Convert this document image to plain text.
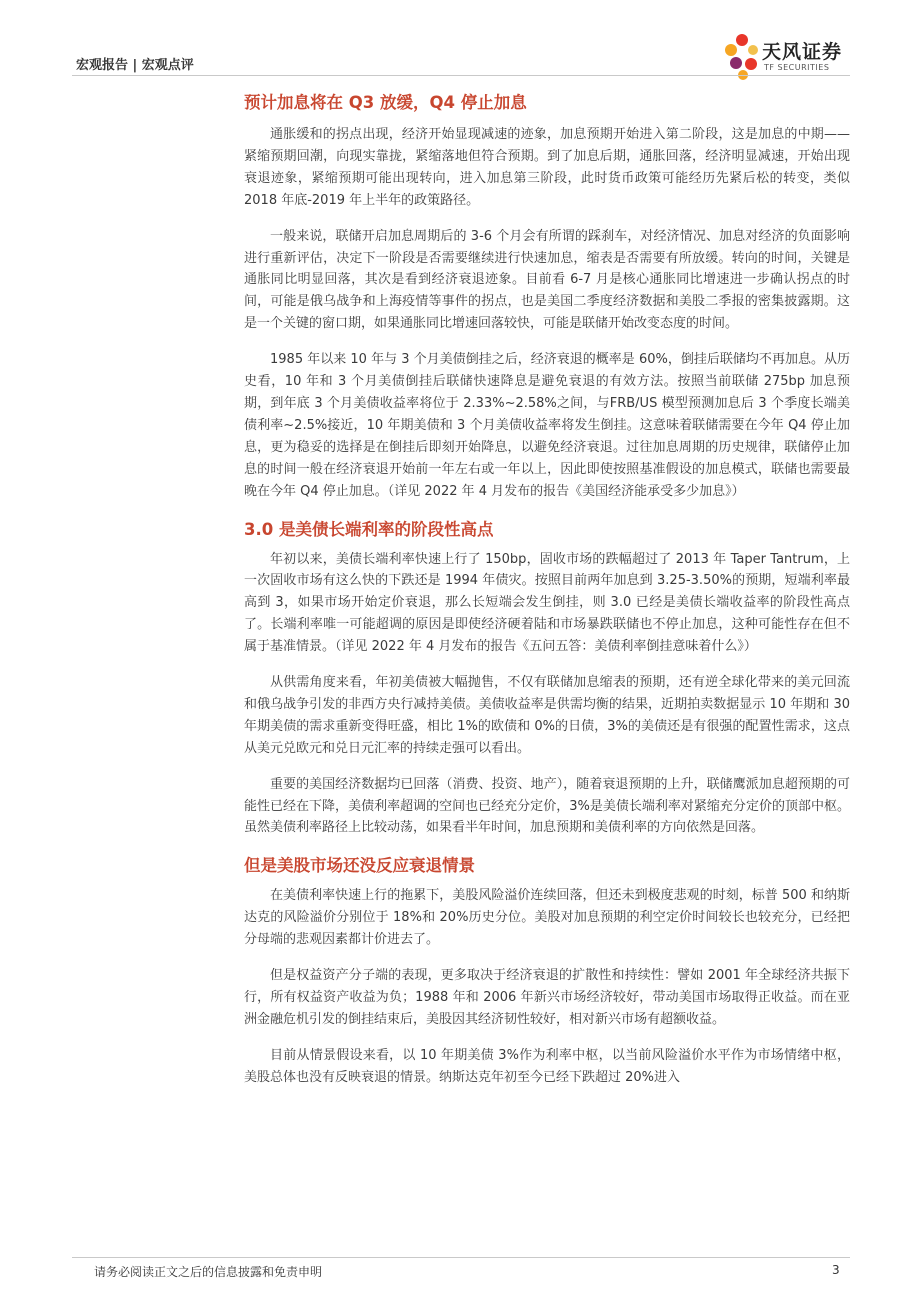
宏观报告 | 宏观点评
天风证券
TF SECURITIES
预计加息将在 Q3 放缓，Q4 停止加息

通胀缓和的拐点出现，经济开始显现减速的迹象，加息预期开始进入第二阶段，这是加息的中期——紧缩预期回潮，向现实靠拢，紧缩落地但符合预期。到了加息后期，通胀回落，经济明显减速，开始出现衰退迹象，紧缩预期可能出现转向，进入加息第三阶段，此时货币政策可能经历先紧后松的转变，类似 2018 年底-2019 年上半年的政策路径。

一般来说，联储开启加息周期后的 3-6 个月会有所谓的踩刹车，对经济情况、加息对经济的负面影响进行重新评估，决定下一阶段是否需要继续进行快速加息，缩表是否需要有所放缓。转向的时间，关键是通胀同比明显回落，其次是看到经济衰退迹象。目前看 6-7 月是核心通胀同比增速进一步确认拐点的时间，可能是俄乌战争和上海疫情等事件的拐点，也是美国二季度经济数据和美股二季报的密集披露期。这是一个关键的窗口期，如果通胀同比增速回落较快，可能是联储开始改变态度的时间。

1985 年以来 10 年与 3 个月美债倒挂之后，经济衰退的概率是 60%，倒挂后联储均不再加息。从历史看，10 年和 3 个月美债倒挂后联储快速降息是避免衰退的有效方法。按照当前联储 275bp 加息预期，到年底 3 个月美债收益率将位于 2.33%~2.58%之间，与FRB/US 模型预测加息后 3 个季度长端美债利率~2.5%接近，10 年期美债和 3 个月美债收益率将发生倒挂。这意味着联储需要在今年 Q4 停止加息，更为稳妥的选择是在倒挂后即刻开始降息，以避免经济衰退。过往加息周期的历史规律，联储停止加息的时间一般在经济衰退开始前一年左右或一年以上，因此即使按照基准假设的加息模式，联储也需要最晚在今年 Q4 停止加息。（详见 2022 年 4 月发布的报告《美国经济能承受多少加息》）

3.0 是美债长端利率的阶段性高点

年初以来，美债长端利率快速上行了 150bp，固收市场的跌幅超过了 2013 年 Taper Tantrum，上一次固收市场有这么快的下跌还是 1994 年债灾。按照目前两年加息到 3.25-3.50%的预期，短端利率最高到 3，如果市场开始定价衰退，那么长短端会发生倒挂，则 3.0 已经是美债长端收益率的阶段性高点了。长端利率唯一可能超调的原因是即使经济硬着陆和市场暴跌联储也不停止加息，这种可能性存在但不属于基准情景。（详见 2022 年 4 月发布的报告《五问五答：美债利率倒挂意味着什么》）

从供需角度来看，年初美债被大幅抛售，不仅有联储加息缩表的预期，还有逆全球化带来的美元回流和俄乌战争引发的非西方央行减持美债。美债收益率是供需均衡的结果，近期拍卖数据显示 10 年期和 30 年期美债的需求重新变得旺盛，相比 1%的欧债和 0%的日债，3%的美债还是有很强的配置性需求，这点从美元兑欧元和兑日元汇率的持续走强可以看出。

重要的美国经济数据均已回落（消费、投资、地产），随着衰退预期的上升，联储鹰派加息超预期的可能性已经在下降，美债利率超调的空间也已经充分定价，3%是美债长端利率对紧缩充分定价的顶部中枢。虽然美债利率路径上比较动荡，如果看半年时间，加息预期和美债利率的方向依然是回落。

但是美股市场还没反应衰退情景

在美债利率快速上行的拖累下，美股风险溢价连续回落，但还未到极度悲观的时刻，标普 500 和纳斯达克的风险溢价分别位于 18%和 20%历史分位。美股对加息预期的利空定价时间较长也较充分，已经把分母端的悲观因素都计价进去了。

但是权益资产分子端的表现，更多取决于经济衰退的扩散性和持续性：譬如 2001 年全球经济共振下行，所有权益资产收益为负；1988 年和 2006 年新兴市场经济较好，带动美国市场取得正收益。而在亚洲金融危机引发的倒挂结束后，美股因其经济韧性较好，相对新兴市场有超额收益。

目前从情景假设来看，以 10 年期美债 3%作为利率中枢，以当前风险溢价水平作为市场情绪中枢，美股总体也没有反映衰退的情景。纳斯达克年初至今已经下跌超过 20%进入

请务必阅读正文之后的信息披露和免责申明	3
